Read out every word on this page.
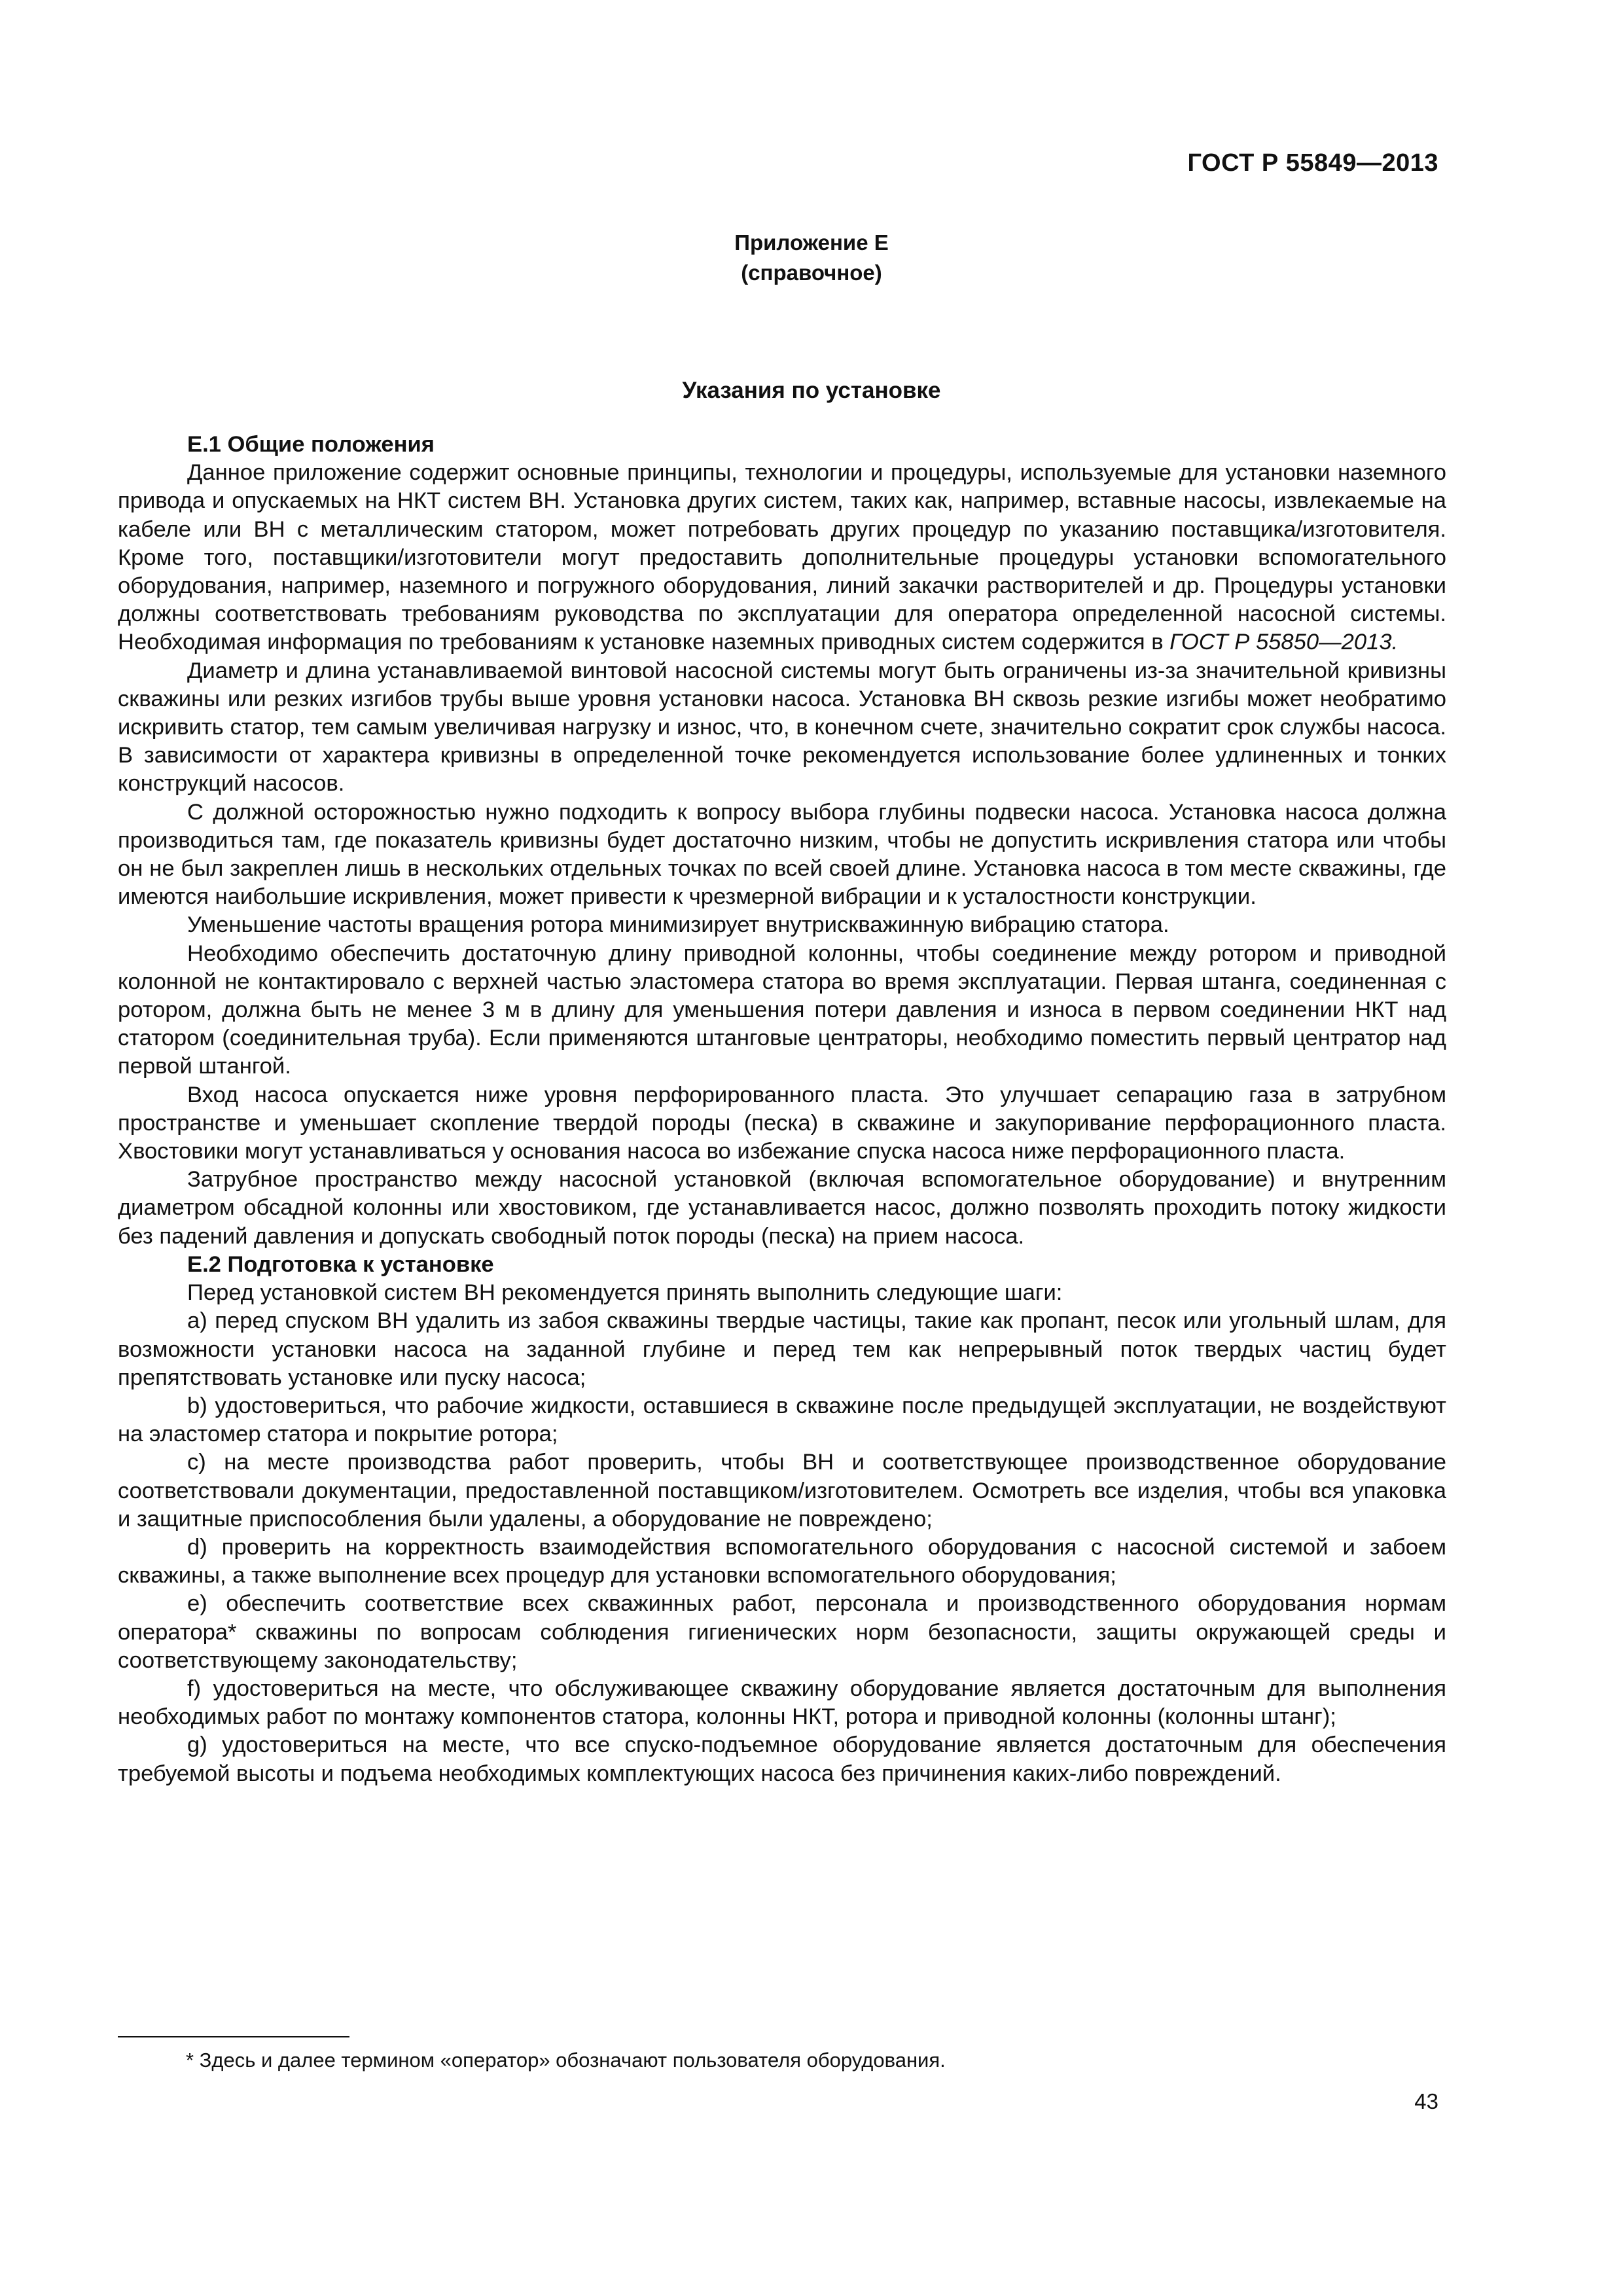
ГОСТ Р 55849—2013
Приложение Е
(справочное)
Указания по установке
Е.1 Общие положения

Данное приложение содержит основные принципы, технологии и процедуры, используемые для установки наземного привода и опускаемых на НКТ систем ВН. Установка других систем, таких как, например, вставные насосы, извлекаемые на кабеле или ВН с металлическим статором, может потребовать других процедур по указанию поставщика/изготовителя. Кроме того, поставщики/изготовители могут предоставить дополнительные процедуры установки вспомогательного оборудования, например, наземного и погружного оборудования, линий закачки растворителей и др. Процедуры установки должны соответствовать требованиям руководства по эксплуатации для оператора определенной насосной системы. Необходимая информация по требованиям к установке наземных приводных систем содержится в ГОСТ Р 55850—2013.

Диаметр и длина устанавливаемой винтовой насосной системы могут быть ограничены из-за значительной кривизны скважины или резких изгибов трубы выше уровня установки насоса. Установка ВН сквозь резкие изгибы может необратимо искривить статор, тем самым увеличивая нагрузку и износ, что, в конечном счете, значительно сократит срок службы насоса. В зависимости от характера кривизны в определенной точке рекомендуется использование более удлиненных и тонких конструкций насосов.

С должной осторожностью нужно подходить к вопросу выбора глубины подвески насоса. Установка насоса должна производиться там, где показатель кривизны будет достаточно низким, чтобы не допустить искривления статора или чтобы он не был закреплен лишь в нескольких отдельных точках по всей своей длине. Установка насоса в том месте скважины, где имеются наибольшие искривления, может привести к чрезмерной вибрации и к усталостности конструкции.

Уменьшение частоты вращения ротора минимизирует внутрискважинную вибрацию статора.

Необходимо обеспечить достаточную длину приводной колонны, чтобы соединение между ротором и приводной колонной не контактировало с верхней частью эластомера статора во время эксплуатации. Первая штанга, соединенная с ротором, должна быть не менее 3 м в длину для уменьшения потери давления и износа в первом соединении НКТ над статором (соединительная труба). Если применяются штанговые центраторы, необходимо поместить первый центратор над первой штангой.

Вход насоса опускается ниже уровня перфорированного пласта. Это улучшает сепарацию газа в затрубном пространстве и уменьшает скопление твердой породы (песка) в скважине и закупоривание перфорационного пласта. Хвостовики могут устанавливаться у основания насоса во избежание спуска насоса ниже перфорационного пласта.

Затрубное пространство между насосной установкой (включая вспомогательное оборудование) и внутренним диаметром обсадной колонны или хвостовиком, где устанавливается насос, должно позволять проходить потоку жидкости без падений давления и допускать свободный поток породы (песка) на прием насоса.

Е.2 Подготовка к установке

Перед установкой систем ВН рекомендуется принять выполнить следующие шаги:

а) перед спуском ВН удалить из забоя скважины твердые частицы, такие как пропант, песок или угольный шлам, для возможности установки насоса на заданной глубине и перед тем как непрерывный поток твердых частиц будет препятствовать установке или пуску насоса;

b) удостовериться, что рабочие жидкости, оставшиеся в скважине после предыдущей эксплуатации, не воздействуют на эластомер статора и покрытие ротора;

с) на месте производства работ проверить, чтобы ВН и соответствующее производственное оборудование соответствовали документации, предоставленной поставщиком/изготовителем. Осмотреть все изделия, чтобы вся упаковка и защитные приспособления были удалены, а оборудование не повреждено;

d) проверить на корректность взаимодействия вспомогательного оборудования с насосной системой и забоем скважины, а также выполнение всех процедур для установки вспомогательного оборудования;

е) обеспечить соответствие всех скважинных работ, персонала и производственного оборудования нормам оператора* скважины по вопросам соблюдения гигиенических норм безопасности, защиты окружающей среды и соответствующему законодательству;

f) удостовериться на месте, что обслуживающее скважину оборудование является достаточным для выполнения необходимых работ по монтажу компонентов статора, колонны НКТ, ротора и приводной колонны (колонны штанг);

g) удостовериться на месте, что все спуско-подъемное оборудование является достаточным для обеспечения требуемой высоты и подъема необходимых комплектующих насоса без причинения каких-либо повреждений.

* Здесь и далее термином «оператор» обозначают пользователя оборудования.
43
